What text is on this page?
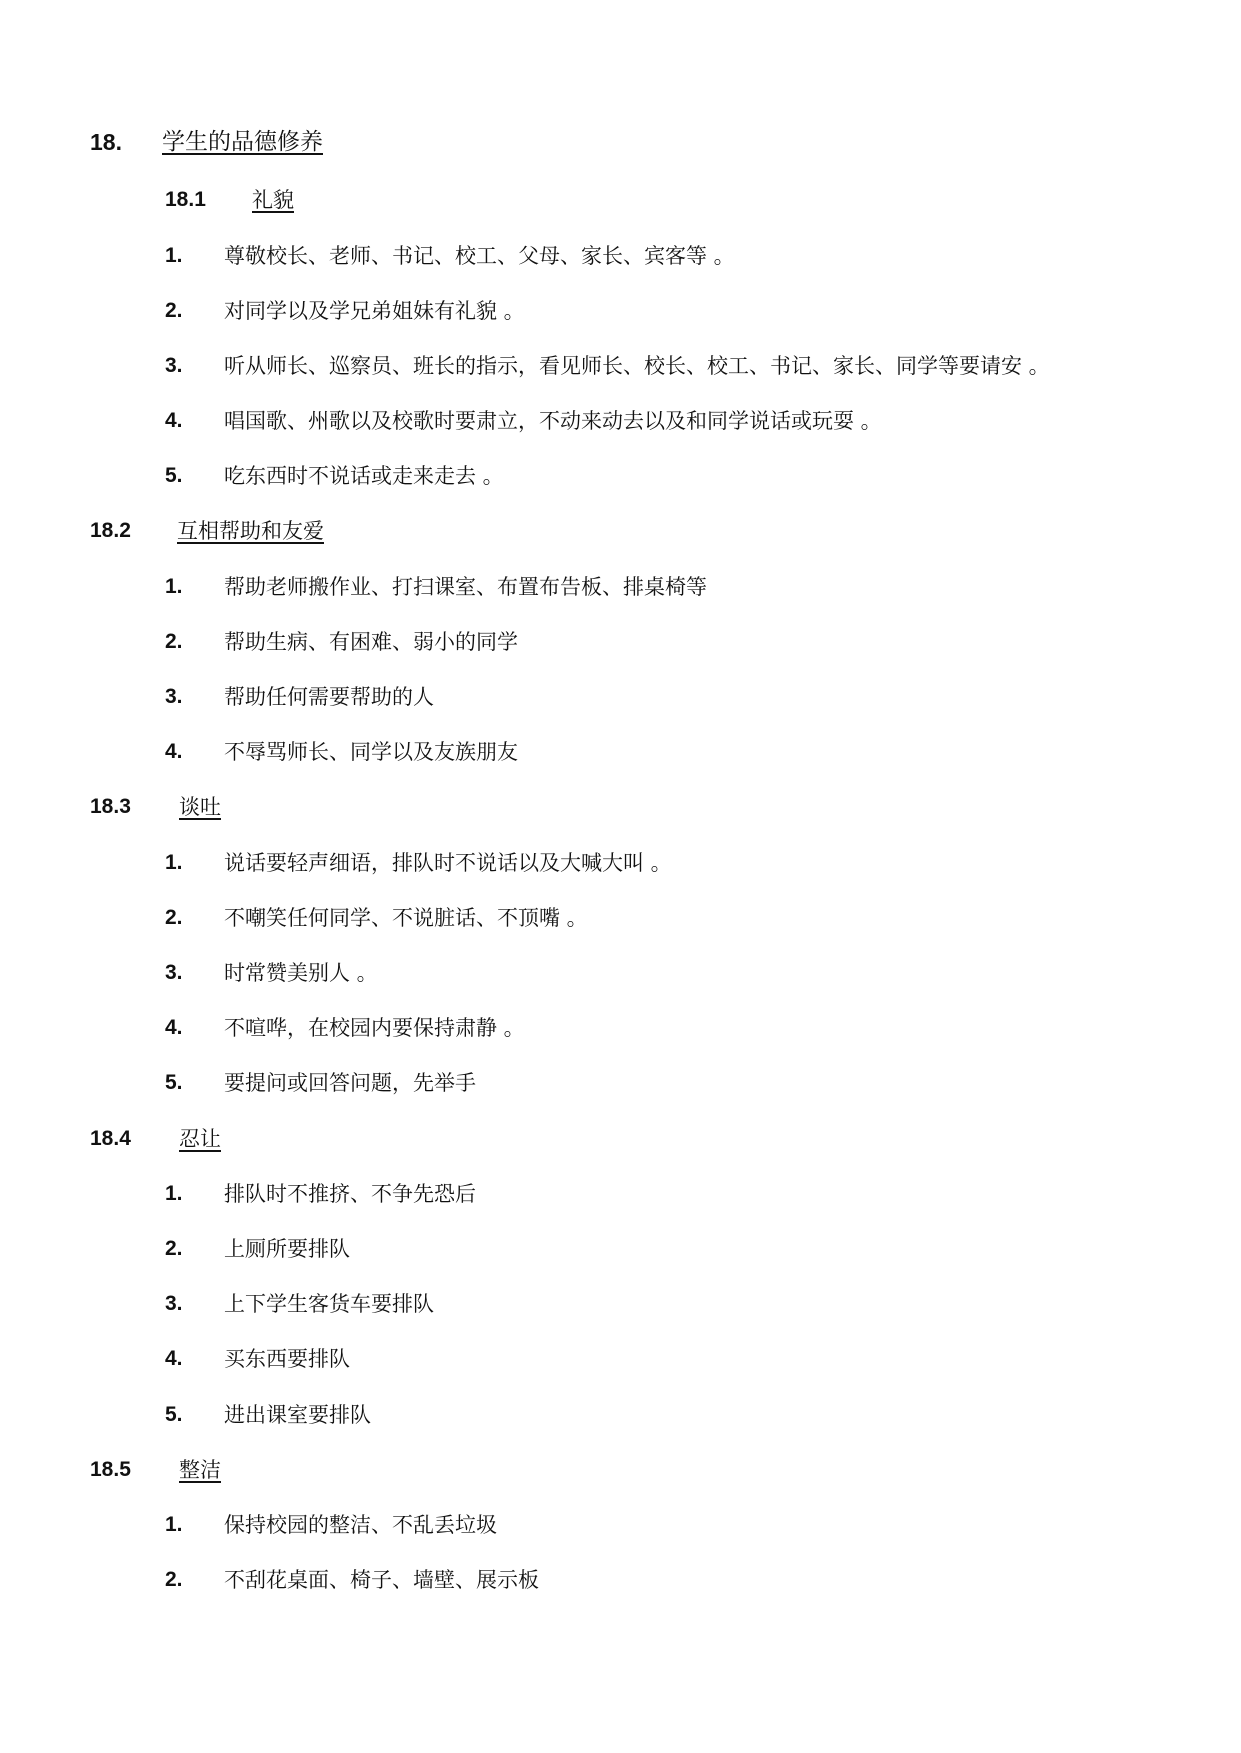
18. 学生的品德修养
18.1 礼貌
1. 尊敬校长、老师、书记、校工、父母、家长、宾客等 。
2. 对同学以及学兄弟姐妹有礼貌 。
3. 听从师长、巡察员、班长的指示，看见师长、校长、校工、书记、家长、同学等要请安 。
4. 唱国歌、州歌以及校歌时要肃立，不动来动去以及和同学说话或玩耍 。
5. 吃东西时不说话或走来走去 。
18.2 互相帮助和友爱
1. 帮助老师搬作业、打扫课室、布置布告板、排桌椅等
2. 帮助生病、有困难、弱小的同学
3. 帮助任何需要帮助的人
4. 不辱骂师长、同学以及友族朋友
18.3 谈吐
1. 说话要轻声细语，排队时不说话以及大喊大叫 。
2. 不嘲笑任何同学、不说脏话、不顶嘴 。
3. 时常赞美别人 。
4. 不喧哗，在校园内要保持肃静 。
5. 要提问或回答问题，先举手
18.4 忍让
1. 排队时不推挤、不争先恐后
2. 上厕所要排队
3. 上下学生客货车要排队
4. 买东西要排队
5. 进出课室要排队
18.5 整洁
1. 保持校园的整洁、不乱丢垃圾
2. 不刮花桌面、椅子、墙壁、展示板
